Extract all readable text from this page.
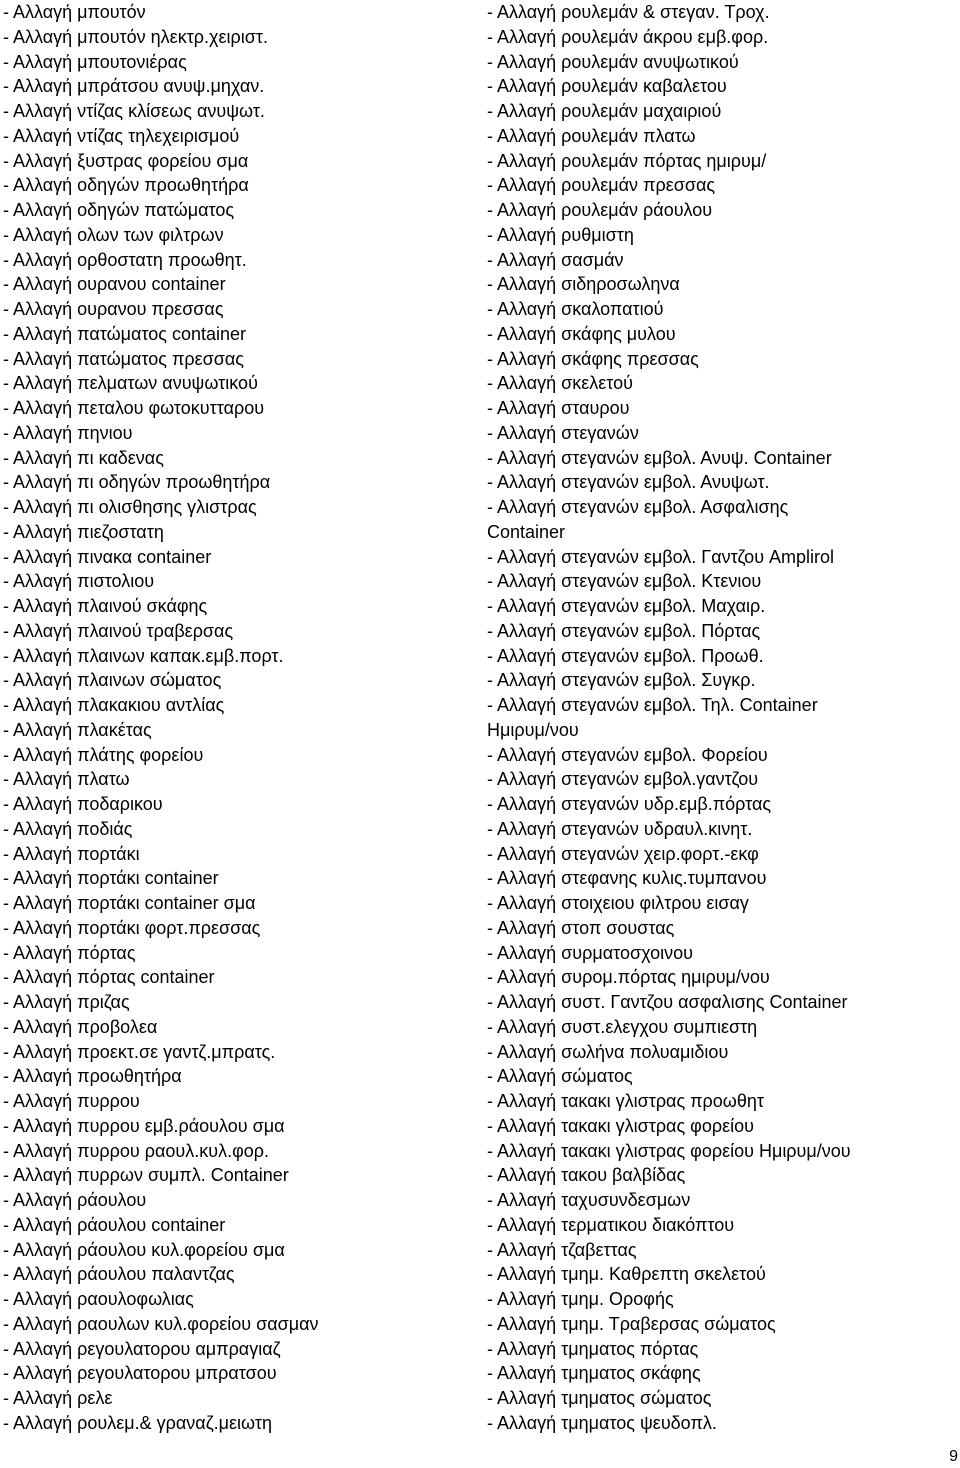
- Αλλαγή μπουτόν
- Αλλαγή μπουτόν ηλεκτρ.χειριστ.
- Αλλαγή μπουτονιέρας
- Αλλαγή μπράτσου ανυψ.μηχαν.
- Αλλαγή ντίζας κλίσεως ανυψωτ.
- Αλλαγή ντίζας τηλεχειρισμού
- Αλλαγή ξυστρας φορείου σμα
- Αλλαγή οδηγών προωθητήρα
- Αλλαγή οδηγών πατώματος
- Αλλαγή ολων των φιλτρων
- Αλλαγή ορθοστατη προωθητ.
- Αλλαγή ουρανου container
- Αλλαγή ουρανου πρεσσας
- Αλλαγή πατώματος container
- Αλλαγή πατώματος πρεσσας
- Αλλαγή πελματων ανυψωτικού
- Αλλαγή πεταλου φωτοκυτταρου
- Αλλαγή πηνιου
- Αλλαγή πι καδενας
- Αλλαγή πι οδηγών προωθητήρα
- Αλλαγή πι ολισθησης γλιστρας
- Αλλαγή πιεζοστατη
- Αλλαγή πινακα container
- Αλλαγή πιστολιου
- Αλλαγή πλαινού σκάφης
- Αλλαγή πλαινού τραβερσας
- Αλλαγή πλαινων καπακ.εμβ.πορτ.
- Αλλαγή πλαινων σώματος
- Αλλαγή πλακακιου αντλίας
- Αλλαγή πλακέτας
- Αλλαγή πλάτης φορείου
- Αλλαγή πλατω
- Αλλαγή ποδαρικου
- Αλλαγή ποδιάς
- Αλλαγή πορτάκι
- Αλλαγή πορτάκι container
- Αλλαγή πορτάκι container σμα
- Αλλαγή πορτάκι φορτ.πρεσσας
- Αλλαγή πόρτας
- Αλλαγή πόρτας container
- Αλλαγή πριζας
- Αλλαγή προβολεα
- Αλλαγή προεκτ.σε γαντζ.μπρατς.
- Αλλαγή προωθητήρα
- Αλλαγή πυρρου
- Αλλαγή πυρρου εμβ.ράουλου σμα
- Αλλαγή πυρρου ραουλ.κυλ.φορ.
- Αλλαγή πυρρων συμπλ. Container
- Αλλαγή ράουλου
- Αλλαγή ράουλου container
- Αλλαγή ράουλου κυλ.φορείου σμα
- Αλλαγή ράουλου παλαντζας
- Αλλαγή ραουλοφωλιας
- Αλλαγή ραουλων κυλ.φορείου σασμαν
- Αλλαγή ρεγουλατορου αμπραγιαζ
- Αλλαγή ρεγουλατορου μπρατσου
- Αλλαγή ρελε
- Αλλαγή ρουλεμ.& γραναζ.μειωτη
- Αλλαγή ρουλεμάν & στεγαν. Τροχ.
- Αλλαγή ρουλεμάν άκρου εμβ.φορ.
- Αλλαγή ρουλεμάν ανυψωτικού
- Αλλαγή ρουλεμάν καβαλετου
- Αλλαγή ρουλεμάν μαχαιριού
- Αλλαγή ρουλεμάν πλατω
- Αλλαγή ρουλεμάν πόρτας ημιρυμ/
- Αλλαγή ρουλεμάν πρεσσας
- Αλλαγή ρουλεμάν ράουλου
- Αλλαγή ρυθμιστη
- Αλλαγή σασμάν
- Αλλαγή σιδηροσωληνα
- Αλλαγή σκαλοπατιού
- Αλλαγή σκάφης μυλου
- Αλλαγή σκάφης πρεσσας
- Αλλαγή σκελετού
- Αλλαγή σταυρου
- Αλλαγή στεγανών
- Αλλαγή στεγανών εμβολ. Ανυψ. Container
- Αλλαγή στεγανών εμβολ. Ανυψωτ.
- Αλλαγή στεγανών εμβολ. Ασφαλισης
Container
- Αλλαγή στεγανών εμβολ. Γαντζου Amplirol
- Αλλαγή στεγανών εμβολ. Κτενιου
- Αλλαγή στεγανών εμβολ. Μαχαιρ.
- Αλλαγή στεγανών εμβολ. Πόρτας
- Αλλαγή στεγανών εμβολ. Προωθ.
- Αλλαγή στεγανών εμβολ. Συγκρ.
- Αλλαγή στεγανών εμβολ. Τηλ. Container
Ημιρυμ/νου
- Αλλαγή στεγανών εμβολ. Φορείου
- Αλλαγή στεγανών εμβολ.γαντζου
- Αλλαγή στεγανών υδρ.εμβ.πόρτας
- Αλλαγή στεγανών υδραυλ.κινητ.
- Αλλαγή στεγανών χειρ.φορτ.-εκφ
- Αλλαγή στεφανης κυλις.τυμπανου
- Αλλαγή στοιχειου φιλτρου εισαγ
- Αλλαγή στοπ σουστας
- Αλλαγή συρματοσχοινου
- Αλλαγή συρομ.πόρτας ημιρυμ/νου
- Αλλαγή συστ. Γαντζου ασφαλισης Container
- Αλλαγή συστ.ελεγχου συμπιεστη
- Αλλαγή σωλήνα πολυαμιδιου
- Αλλαγή σώματος
- Αλλαγή τακακι γλιστρας προωθητ
- Αλλαγή τακακι γλιστρας φορείου
- Αλλαγή τακακι γλιστρας φορείου Ημιρυμ/νου
- Αλλαγή τακου βαλβίδας
- Αλλαγή ταχυσυνδεσμων
- Αλλαγή τερματικου διακόπτου
- Αλλαγή τζαβεττας
- Αλλαγή τμημ. Καθρεπτη σκελετού
- Αλλαγή τμημ. Οροφής
- Αλλαγή τμημ. Τραβερσας σώματος
- Αλλαγή τμηματος πόρτας
- Αλλαγή τμηματος σκάφης
- Αλλαγή τμηματος σώματος
- Αλλαγή τμηματος ψευδοπλ.
9
